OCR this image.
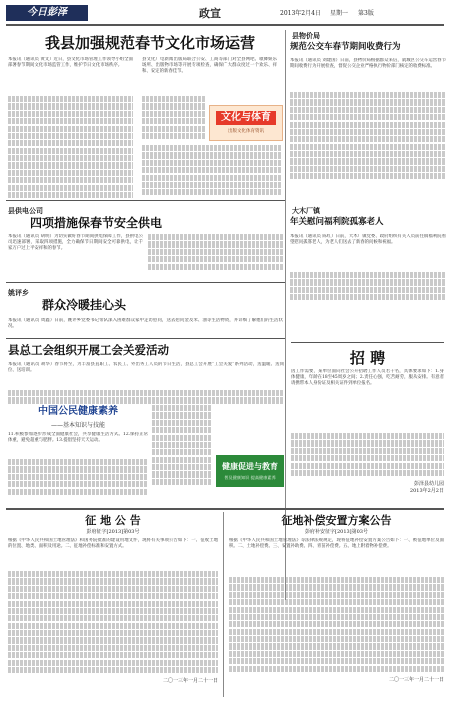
今日彭泽	政宣	2013年2月4日 星期一 第3版
我县加强规范春节文化市场运营
本报讯（通讯员 黄文）近日，县文化市场管理工作领导小组全面部署春节期间文化市场监管工作，维护节日文化市场秩序。
县文化广电新闻出版局联合公安、工商等部门对全县网吧、歌舞娱乐场所、出版物市场等开展专项检查，确保广大群众度过一个欢乐、祥和、安定的新春佳节。
文化与体育
出版文化体育资讯
县物价局
规范公交车春节期间收费行为
本报讯（通讯员 刘建国）日前，县物价局根据群众来信，就城区公交车运营春节期间收费行为开展检查，督促公交企业严格执行物价部门核定的收费标准。
县供电公司
四项措施保春节安全供电
本报讯（通讯员 胡明）为切实做好春节期间供电保障工作，县供电公司迅速部署，采取四项措施，全力确保节日期间安全可靠供电，让千家万户过上平安祥和的春节。
姚评乡
群众冷暖挂心头
本报讯（通讯员 周鑫）日前，姚评乡党委书记带队深入困难群众家中走访慰问，送去慰问金及米、油等生活物资，并详细了解他们的生活状况。
大木厂镇
年关慰问福利院孤寡老人
本报讯（通讯员 陈红）日前，大木厂镇党委、政府组织有关人员前往镇福利院看望慰问孤寡老人，为老人们送去了新春的问候和祝福。
县总工会组织开展工会关爱活动
本报讯（通讯员 胡华）春节将至，为丰富县直职工、农民工、外出务工人员的节日生活，县总工会开展“工会关爱”系列活动，送温暖、送岗位、送培训。
中国公民健康素养
——基本知识与技能
11.积极参加逐步形成全面健康社会，共享健康生活方式。12.保持正常体重，避免超重与肥胖。13.提倡坚持天天运动。
健康促进与教育
普及健康知识 提高健康素养
招 聘
因工作需要，某单位面向社会公开招聘工作人员若干名，具体要求如下：1.身体健康，年龄在18至45周岁之间；2.责任心强，吃苦耐劳，服从安排。有意者请携带本人身份证及相关证件到单位报名。
彭泽县幼儿园
2013年2月2日
征 地 公 告
彭府征字[2013]第03号
根据《中华人民共和国土地管理法》和国务院批准的建设用地文件，现将有关事项公告如下：一、征收土地的位置、地类、面积及用途。二、征地补偿标准和安置方式。
二〇一三年一月二十一日
征地补偿安置方案公告
彭府补安征字[2013]第03号
根据《中华人民共和国土地管理法》等法律法规规定，现将征地补偿安置方案公告如下：一、被征地单位及面积。二、土地补偿费。三、安置补助费。四、青苗补偿费。五、地上附着物补偿费。
二〇一三年一月二十一日
